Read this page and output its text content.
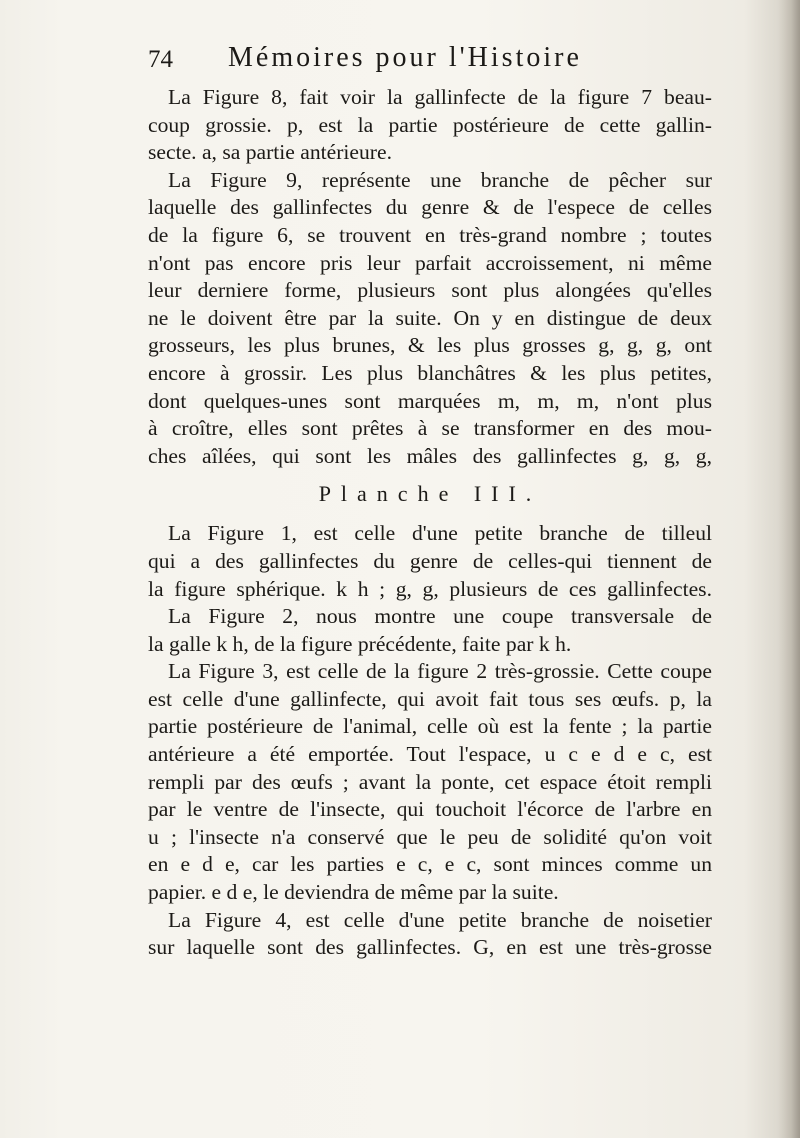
74 Mémoires pour l'Histoire
La Figure 8, fait voir la gallinfecte de la figure 7 beau-
coup grossie. p, est la partie postérieure de cette gallin-
secte. a, sa partie antérieure.
La Figure 9, représente une branche de pêcher sur
laquelle des gallinfectes du genre & de l'espece de celles
de la figure 6, se trouvent en très-grand nombre ; toutes
n'ont pas encore pris leur parfait accroissement, ni même
leur derniere forme, plusieurs sont plus alongées qu'elles
ne le doivent être par la suite. On y en distingue de deux
grosseurs, les plus brunes, & les plus grosses g, g, g, ont
encore à grossir. Les plus blanchâtres & les plus petites,
dont quelques-unes sont marquées m, m, m, n'ont plus
à croître, elles sont prêtes à se transformer en des mou-
ches aîlées, qui sont les mâles des gallinfectes g, g, g,
Planche III.
La Figure 1, est celle d'une petite branche de tilleul
qui a des gallinfectes du genre de celles-qui tiennent de
la figure sphérique. k h ; g, g, plusieurs de ces gallinfectes.
La Figure 2, nous montre une coupe transversale de
la galle k h, de la figure précédente, faite par k h.
La Figure 3, est celle de la figure 2 très-grossie. Cette coupe
est celle d'une gallinfecte, qui avoit fait tous ses œufs. p, la
partie postérieure de l'animal, celle où est la fente ; la partie
antérieure a été emportée. Tout l'espace, u c e d e c, est
rempli par des œufs ; avant la ponte, cet espace étoit rempli
par le ventre de l'insecte, qui touchoit l'écorce de l'arbre en
u ; l'insecte n'a conservé que le peu de solidité qu'on voit
en e d e, car les parties e c, e c, sont minces comme un
papier. e d e, le deviendra de même par la suite.
La Figure 4, est celle d'une petite branche de noisetier
sur laquelle sont des gallinfectes. G, en est une très-grosse
